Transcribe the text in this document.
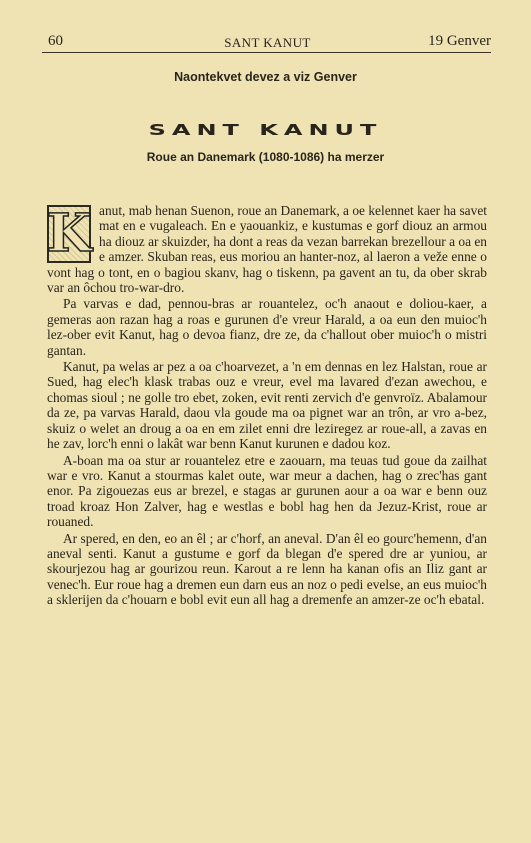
60	SANT KANUT	19 Genver
Naontekvet devez a viz Genver
SANT KANUT
Roue an Danemark (1080-1086) ha merzer

K anut, mab henan Suenon, roue an Danemark, a oe kelennet kaer ha savet mat en e vugaleach. En e yaouankiz, e kustumas e gorf diouz an armou ha diouz ar skuizder, ha dont a reas da vezan barrekan brezellour a oa en e amzer. Skuban reas, eus moriou an hanter-noz, al laeron a veže enne o vont hag o tont, en o bagiou skanv, hag o tiskenn, pa gavent an tu, da ober skrab var an ôchou tro-war-dro.

Pa varvas e dad, pennou-bras ar rouantelez, oc'h anaout e doliou-kaer, a gemeras aon razan hag a roas e gurunen d'e vreur Harald, a oa eun den muioc'h lez-ober evit Kanut, hag o devoa fianz, dre ze, da c'hallout ober muioc'h o mistri gantan.

Kanut, pa welas ar pez a oa c'hoarvezet, a 'n em dennas en lez Halstan, roue ar Sued, hag elec'h klask trabas ouz e vreur, evel ma lavared d'ezan awechou, e chomas sioul ; ne golle tro ebet, zoken, evit renti zervich d'e genvroïz. Abalamour da ze, pa varvas Harald, daou vla goude ma oa pignet war an trôn, ar vro a-bez, skuiz o welet an droug a oa en em zilet enni dre leziregez ar roue-all, a zavas en he zav, lorc'h enni o lakât war benn Kanut kurunen e dadou koz.

A-boan ma oa stur ar rouantelez etre e zaouarn, ma teuas tud goue da zailhat war e vro. Kanut a stourmas kalet oute, war meur a dachen, hag o zrec'has gant enor. Pa zigouezas eus ar brezel, e stagas ar gurunen aour a oa war e benn ouz troad kroaz Hon Zalver, hag e westlas e bobl hag hen da Jezuz-Krist, roue ar rouaned.

Ar spered, en den, eo an êl ; ar c'horf, an aneval. D'an êl eo gourc'hemenn, d'an aneval senti. Kanut a gustume e gorf da blegan d'e spered dre ar yuniou, ar skourjezou hag ar gourizou reun. Karout a re lenn ha kanan ofis an Iliz gant ar venec'h. Eur roue hag a dremen eun darn eus an noz o pedi evelse, an eus muioc'h a sklerijen da c'houarn e bobl evit eun all hag a dremenfe an amzer-ze oc'h ebatal.
